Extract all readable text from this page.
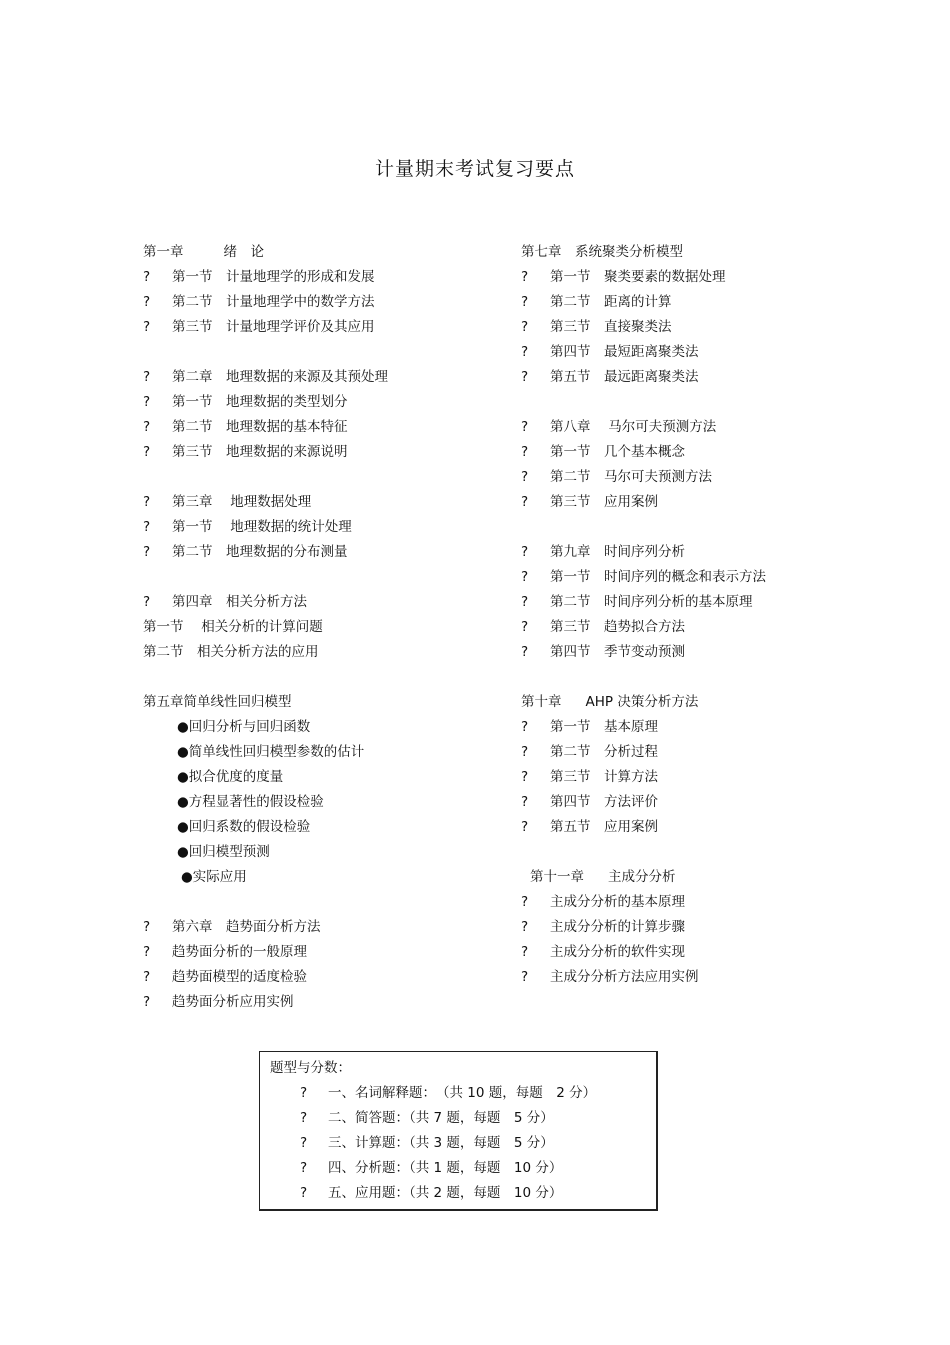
计量期末考试复习要点
第一章	绪　论
? 第一节　计量地理学的形成和发展
? 第二节　计量地理学中的数学方法
? 第三节　计量地理学评价及其应用
? 第二章　地理数据的来源及其预处理
? 第一节　地理数据的类型划分
? 第二节　地理数据的基本特征
? 第三节　地理数据的来源说明
? 第三章　 地理数据处理
? 第一节　 地理数据的统计处理
? 第二节　地理数据的分布测量
? 第四章　相关分析方法
第一节　 相关分析的计算问题
第二节　相关分析方法的应用
第五章简单线性回归模型
●回归分析与回归函数
●简单线性回归模型参数的估计
●拟合优度的度量
●方程显著性的假设检验
●回归系数的假设检验
●回归模型预测
●实际应用
? 第六章　趋势面分析方法
? 趋势面分析的一般原理
? 趋势面模型的适度检验
? 趋势面分析应用实例
第七章　系统聚类分析模型
? 第一节　聚类要素的数据处理
? 第二节　距离的计算
? 第三节　直接聚类法
? 第四节　最短距离聚类法
? 第五节　最远距离聚类法
? 第八章　 马尔可夫预测方法
? 第一节　几个基本概念
? 第二节　马尔可夫预测方法
? 第三节　应用案例
? 第九章　时间序列分析
? 第一节　时间序列的概念和表示方法
? 第二节　时间序列分析的基本原理
? 第三节　趋势拟合方法
? 第四节　季节变动预测
第十章 AHP 决策分析方法
? 第一节　基本原理
? 第二节　分析过程
? 第三节　计算方法
? 第四节　方法评价
? 第五节　应用案例
第十一章 主成分分析
? 主成分分析的基本原理
? 主成分分析的计算步骤
? 主成分分析的软件实现
? 主成分分析方法应用实例
题型与分数：
? 一、名词解释题：　（共 10 题，每题　2 分）
? 二、简答题：（共 7 题，每题　5 分）
? 三、计算题：（共 3 题，每题　5 分）
? 四、分析题：（共 1 题，每题　10 分）
? 五、应用题：（共 2 题，每题　10 分）
